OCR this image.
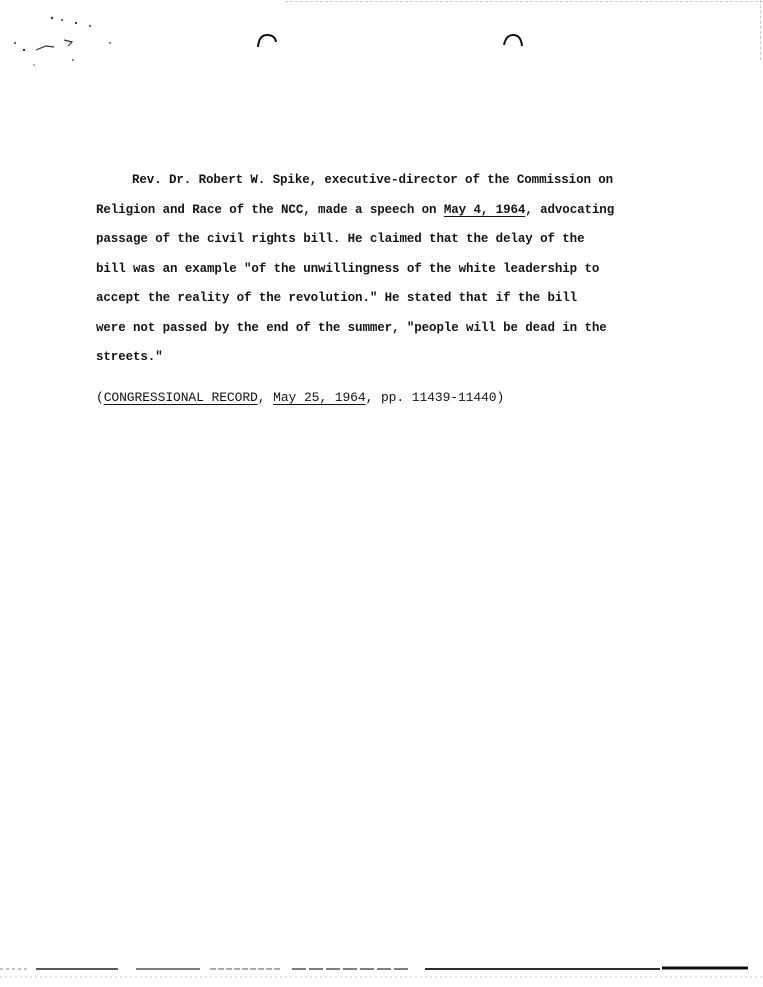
Rev. Dr. Robert W. Spike, executive-director of the Commission on
Religion and Race of the NCC, made a speech on May 4, 1964, advocating
passage of the civil rights bill. He claimed that the delay of the
bill was an example "of the unwillingness of the white leadership to
accept the reality of the revolution." He stated that if the bill
were not passed by the end of the summer, "people will be dead in the
streets."
(CONGRESSIONAL RECORD, May 25, 1964, pp. 11439-11440)
